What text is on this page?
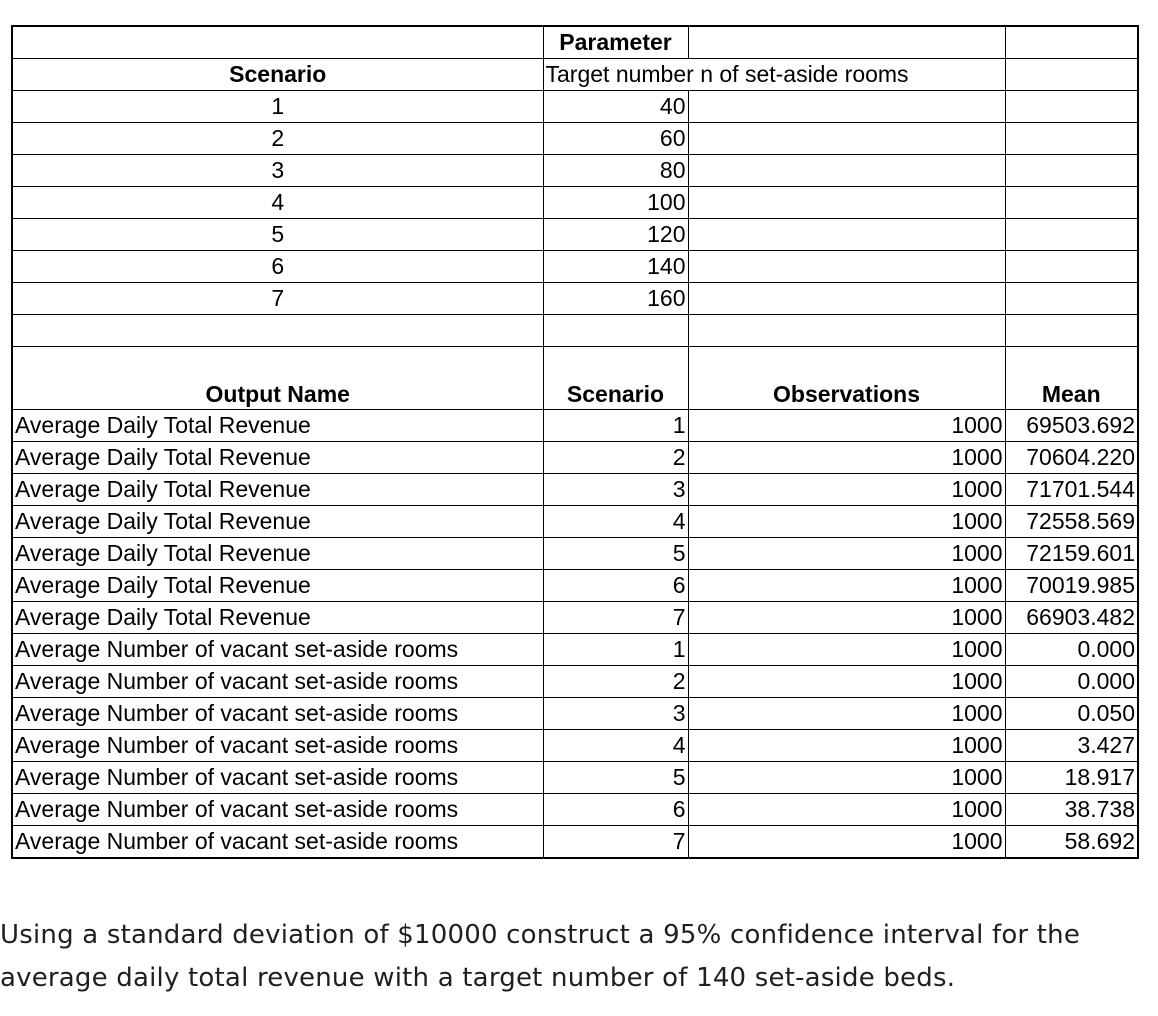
	Parameter		
Scenario	Target number n of set-aside rooms		
1	40		
2	60		
3	80		
4	100		
5	120		
6	140		
7	160		

Output Name	Scenario	Observations	Mean
Average Daily Total Revenue	1	1000	69503.692
Average Daily Total Revenue	2	1000	70604.220
Average Daily Total Revenue	3	1000	71701.544
Average Daily Total Revenue	4	1000	72558.569
Average Daily Total Revenue	5	1000	72159.601
Average Daily Total Revenue	6	1000	70019.985
Average Daily Total Revenue	7	1000	66903.482
Average Number of vacant set-aside rooms	1	1000	0.000
Average Number of vacant set-aside rooms	2	1000	0.000
Average Number of vacant set-aside rooms	3	1000	0.050
Average Number of vacant set-aside rooms	4	1000	3.427
Average Number of vacant set-aside rooms	5	1000	18.917
Average Number of vacant set-aside rooms	6	1000	38.738
Average Number of vacant set-aside rooms	7	1000	58.692
Using a standard deviation of $10000 construct a 95% confidence interval for the
average daily total revenue with a target number of 140 set-aside beds.
